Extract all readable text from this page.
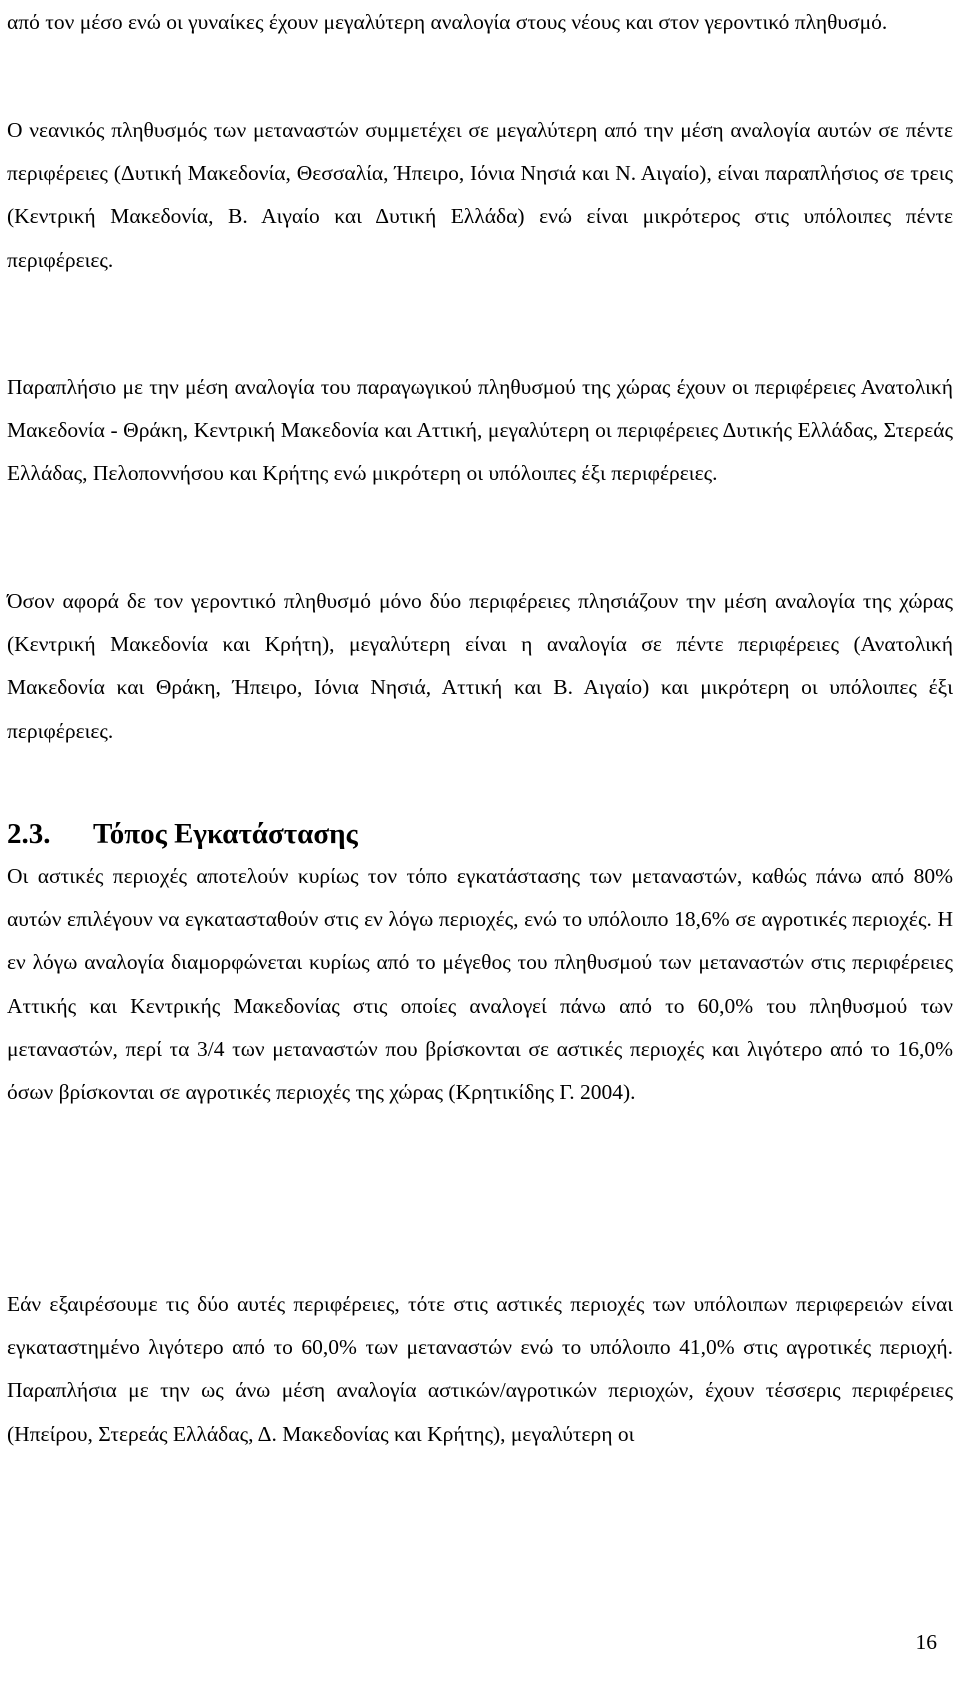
από τον μέσο ενώ οι γυναίκες έχουν μεγαλύτερη αναλογία στους νέους και στον γεροντικό πληθυσμό.

Ο νεανικός πληθυσμός των μεταναστών συμμετέχει σε μεγαλύτερη από την μέση αναλογία αυτών σε πέντε περιφέρειες (Δυτική Μακεδονία, Θεσσαλία, Ήπειρο, Ιόνια Νησιά και Ν. Αιγαίο), είναι παραπλήσιος σε τρεις (Κεντρική Μακεδονία, Β. Αιγαίο και Δυτική Ελλάδα) ενώ είναι μικρότερος στις υπόλοιπες πέντε περιφέρειες.

Παραπλήσιο με την μέση αναλογία του παραγωγικού πληθυσμού της χώρας έχουν οι περιφέρειες Ανατολική Μακεδονία - Θράκη, Κεντρική Μακεδονία και Αττική, μεγαλύτερη οι περιφέρειες Δυτικής Ελλάδας, Στερεάς Ελλάδας, Πελοποννήσου και Κρήτης ενώ μικρότερη οι υπόλοιπες έξι περιφέρειες.

Όσον αφορά δε τον γεροντικό πληθυσμό μόνο δύο περιφέρειες πλησιάζουν την μέση αναλογία της χώρας (Κεντρική Μακεδονία και Κρήτη), μεγαλύτερη είναι η αναλογία σε πέντε περιφέρειες (Ανατολική Μακεδονία και Θράκη, Ήπειρο, Ιόνια Νησιά, Αττική και Β. Αιγαίο) και μικρότερη οι υπόλοιπες έξι περιφέρειες.

2.3.	Τόπος Εγκατάστασης

Οι αστικές περιοχές αποτελούν κυρίως τον τόπο εγκατάστασης των μεταναστών, καθώς πάνω από 80% αυτών επιλέγουν να εγκατασταθούν στις εν λόγω περιοχές, ενώ το υπόλοιπο 18,6% σε αγροτικές περιοχές. Η εν λόγω αναλογία διαμορφώνεται κυρίως από το μέγεθος του πληθυσμού των μεταναστών στις περιφέρειες Αττικής και Κεντρικής Μακεδονίας στις οποίες αναλογεί πάνω από το 60,0% του πληθυσμού των μεταναστών, περί τα 3/4 των μεταναστών που βρίσκονται σε αστικές περιοχές και λιγότερο από το 16,0% όσων βρίσκονται σε αγροτικές περιοχές της χώρας (Κρητικίδης Γ. 2004).

Εάν εξαιρέσουμε τις δύο αυτές περιφέρειες, τότε στις αστικές περιοχές των υπόλοιπων περιφερειών είναι εγκαταστημένο λιγότερο από το 60,0% των μεταναστών ενώ το υπόλοιπο 41,0% στις αγροτικές περιοχή. Παραπλήσια με την ως άνω μέση αναλογία αστικών/αγροτικών περιοχών, έχουν τέσσερις περιφέρειες (Ηπείρου, Στερεάς Ελλάδας, Δ. Μακεδονίας και Κρήτης), μεγαλύτερη οι

16
